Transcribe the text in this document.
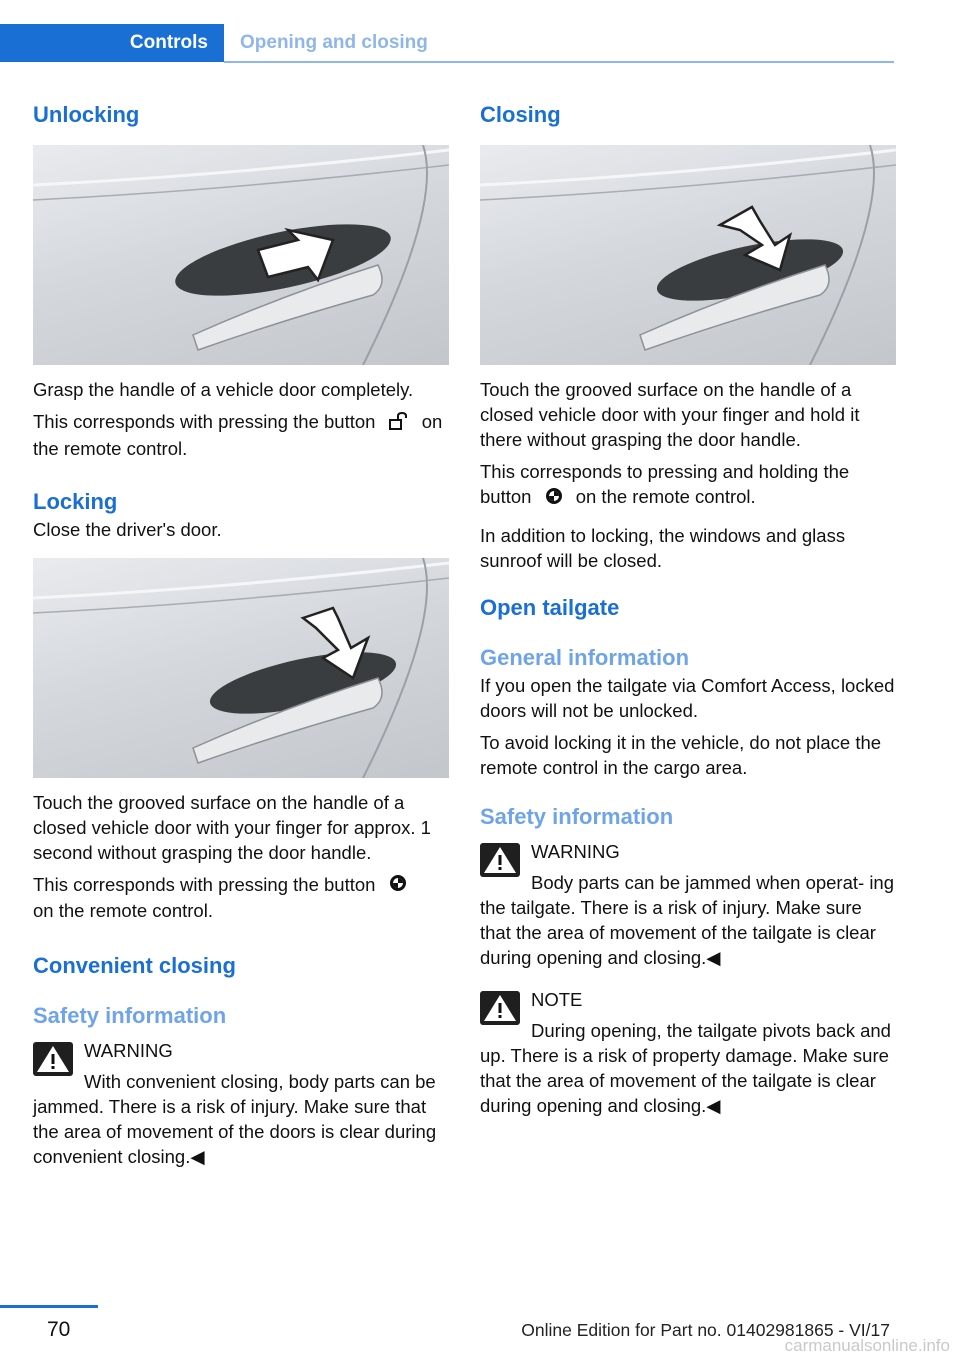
Controls	Opening and closing
Unlocking

Grasp the handle of a vehicle door completely.

This corresponds with pressing the button	on the remote control.

Locking

Close the driver's door.

Touch the grooved surface on the handle of a closed vehicle door with your finger for approx. 1 second without grasping the door handle.

This corresponds with pressing the button
on the remote control.

Convenient closing
Safety information

WARNING

With convenient closing, body parts can be jammed. There is a risk of injury. Make sure that the area of movement of the doors is clear during convenient closing.◀

Closing

Touch the grooved surface on the handle of a closed vehicle door with your finger and hold it there without grasping the door handle.

This corresponds to pressing and holding the button on the remote control.

In addition to locking, the windows and glass sunroof will be closed.

Open tailgate
General information

If you open the tailgate via Comfort Access, locked doors will not be unlocked.

To avoid locking it in the vehicle, do not place the remote control in the cargo area.

Safety information

WARNING

Body parts can be jammed when operat‐ ing the tailgate. There is a risk of injury. Make sure that the area of movement of the tailgate is clear during opening and closing.◀

NOTE

During opening, the tailgate pivots back and up. There is a risk of property damage. Make sure that the area of movement of the tailgate is clear during opening and closing.◀

70	Online Edition for Part no. 01402981865 - VI/17
carmanualsonline.info
